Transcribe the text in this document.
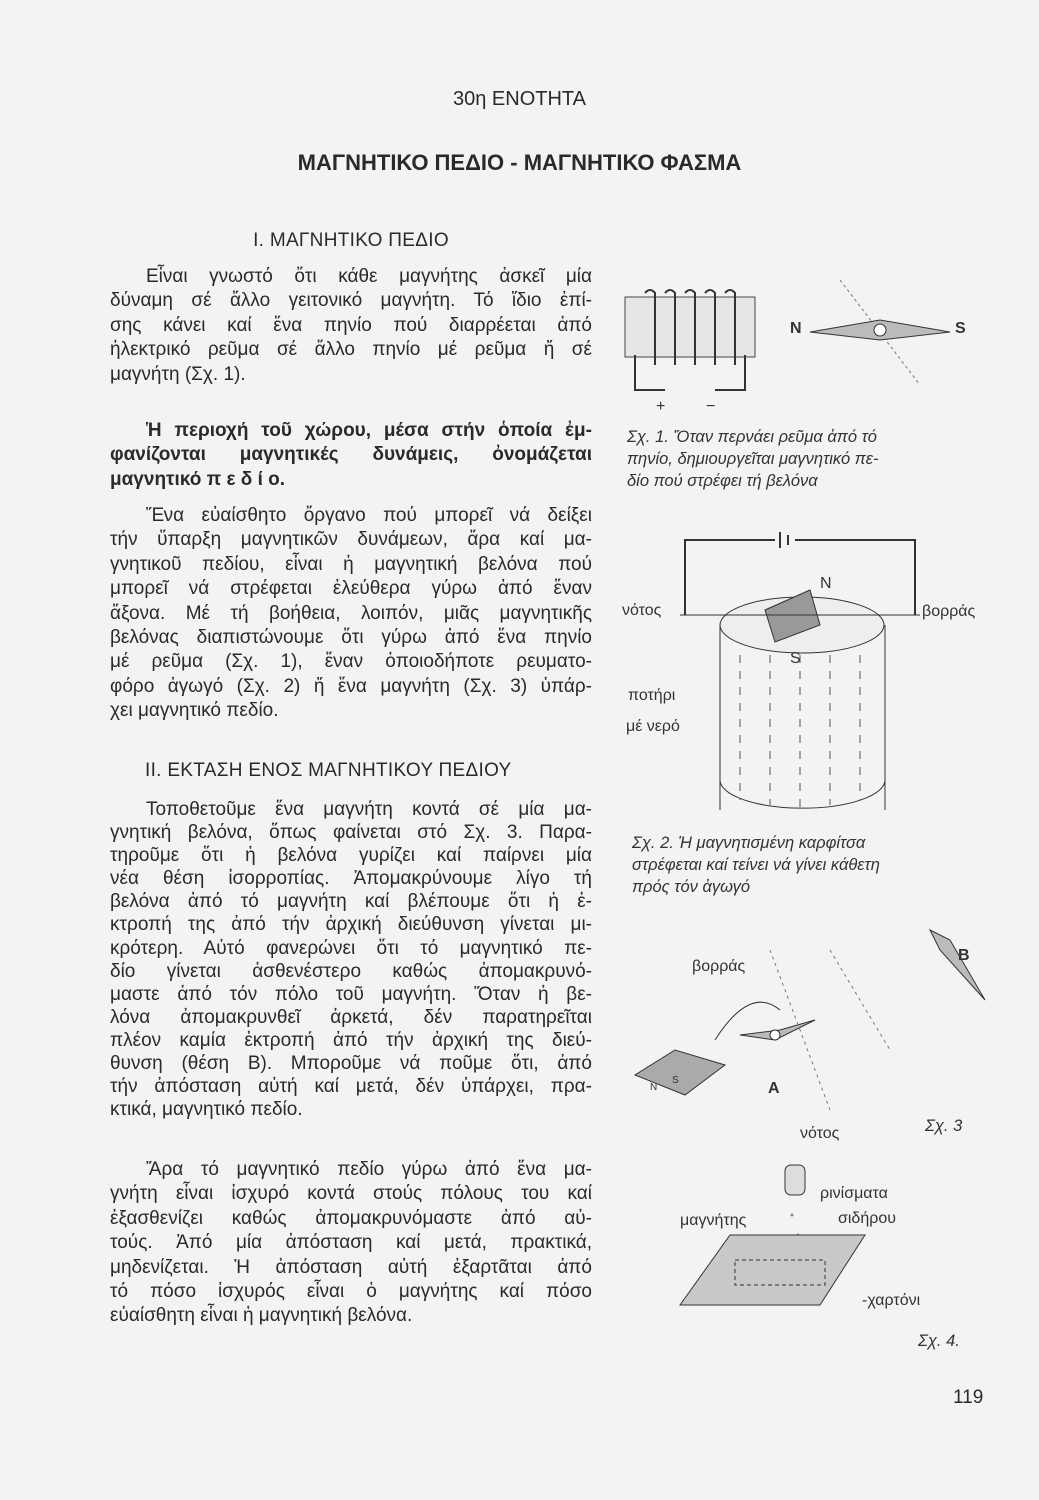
30η ΕΝΟΤΗΤΑ
ΜΑΓΝΗΤΙΚΟ ΠΕΔΙΟ - ΜΑΓΝΗΤΙΚΟ ΦΑΣΜΑ
I. ΜΑΓΝΗΤΙΚΟ ΠΕΔΙΟ
Εἶναι γνωστό ὅτι κάθε μαγνήτης ἀσκεῖ μία
δύναμη σέ ἄλλο γειτονικό μαγνήτη. Τό ἴδιο ἐπί-
σης κάνει καί ἕνα πηνίο πού διαρρέεται ἀπό
ἠλεκτρικό ρεῦμα σέ ἄλλο πηνίο μέ ρεῦμα ἤ σέ
μαγνήτη (Σχ. 1).
Ἡ περιοχή τοῦ χώρου, μέσα στήν ὁποία ἐμ-
φανίζονται μαγνητικές δυνάμεις, ὀνομάζεται
μαγνητικό π ε δ ί ο.
Ἕνα εὐαίσθητο ὄργανο πού μπορεῖ νά δείξει
τήν ὕπαρξη μαγνητικῶν δυνάμεων, ἄρα καί μα-
γνητικοῦ πεδίου, εἶναι ἡ μαγνητική βελόνα πού
μπορεῖ νά στρέφεται ἐλεύθερα γύρω ἀπό ἕναν
ἄξονα. Μέ τή βοήθεια, λοιπόν, μιᾶς μαγνητικῆς
βελόνας διαπιστώνουμε ὅτι γύρω ἀπό ἕνα πηνίο
μέ ρεῦμα (Σχ. 1), ἕναν ὁποιοδήποτε ρευματο-
φόρο ἀγωγό (Σχ. 2) ἤ ἕνα μαγνήτη (Σχ. 3) ὑπάρ-
χει μαγνητικό πεδίο.
II. ΕΚΤΑΣΗ ΕΝΟΣ ΜΑΓΝΗΤΙΚΟΥ ΠΕΔΙΟΥ
Τοποθετοῦμε ἕνα μαγνήτη κοντά σέ μία μα-
γνητική βελόνα, ὅπως φαίνεται στό Σχ. 3. Παρα-
τηροῦμε ὅτι ἡ βελόνα γυρίζει καί παίρνει μία
νέα θέση ἰσορροπίας. Ἀπομακρύνουμε λίγο τή
βελόνα ἀπό τό μαγνήτη καί βλέπουμε ὅτι ἡ ἐ-
κτροπή της ἀπό τήν ἀρχική διεύθυνση γίνεται μι-
κρότερη. Αὐτό φανερώνει ὅτι τό μαγνητικό πε-
δίο γίνεται ἀσθενέστερο καθώς ἀπομακρυνό-
μαστε ἀπό τόν πόλο τοῦ μαγνήτη. Ὅταν ἡ βε-
λόνα ἀπομακρυνθεῖ ἀρκετά, δέν παρατηρεῖται
πλέον καμία ἐκτροπή ἀπό τήν ἀρχική της διεύ-
θυνση (θέση Β). Μποροῦμε νά ποῦμε ὅτι, ἀπό
τήν ἀπόσταση αὐτή καί μετά, δέν ὑπάρχει, πρα-
κτικά, μαγνητικό πεδίο.
Ἄρα τό μαγνητικό πεδίο γύρω ἀπό ἕνα μα-
γνήτη εἶναι ἰσχυρό κοντά στούς πόλους του καί
ἐξασθενίζει καθώς ἀπομακρυνόμαστε ἀπό αὐ-
τούς. Ἀπό μία ἀπόσταση καί μετά, πρακτικά,
μηδενίζεται. Ἡ ἀπόσταση αὐτή ἐξαρτᾶται ἀπό
τό πόσο ἰσχυρός εἶναι ὁ μαγνήτης καί πόσο
εὐαίσθητη εἶναι ἡ μαγνητική βελόνα.
+	−
N	S
Σχ. 1. Ὅταν περνάει ρεῦμα ἀπό τό
πηνίο, δημιουργεῖται μαγνητικό πε-
δίο πού στρέφει τή βελόνα
νότος	βορράς
N
S
ποτήρι
μέ νερό
Σχ. 2. Ἡ μαγνητισμένη καρφίτσα
στρέφεται καί τείνει νά γίνει κάθετη
πρός τόν ἀγωγό
βορράς
B
A
N
S
νότος	Σχ. 3
ρινίσματα
σιδήρου
μαγνήτης
-χαρτόνι
Σχ. 4.
119
